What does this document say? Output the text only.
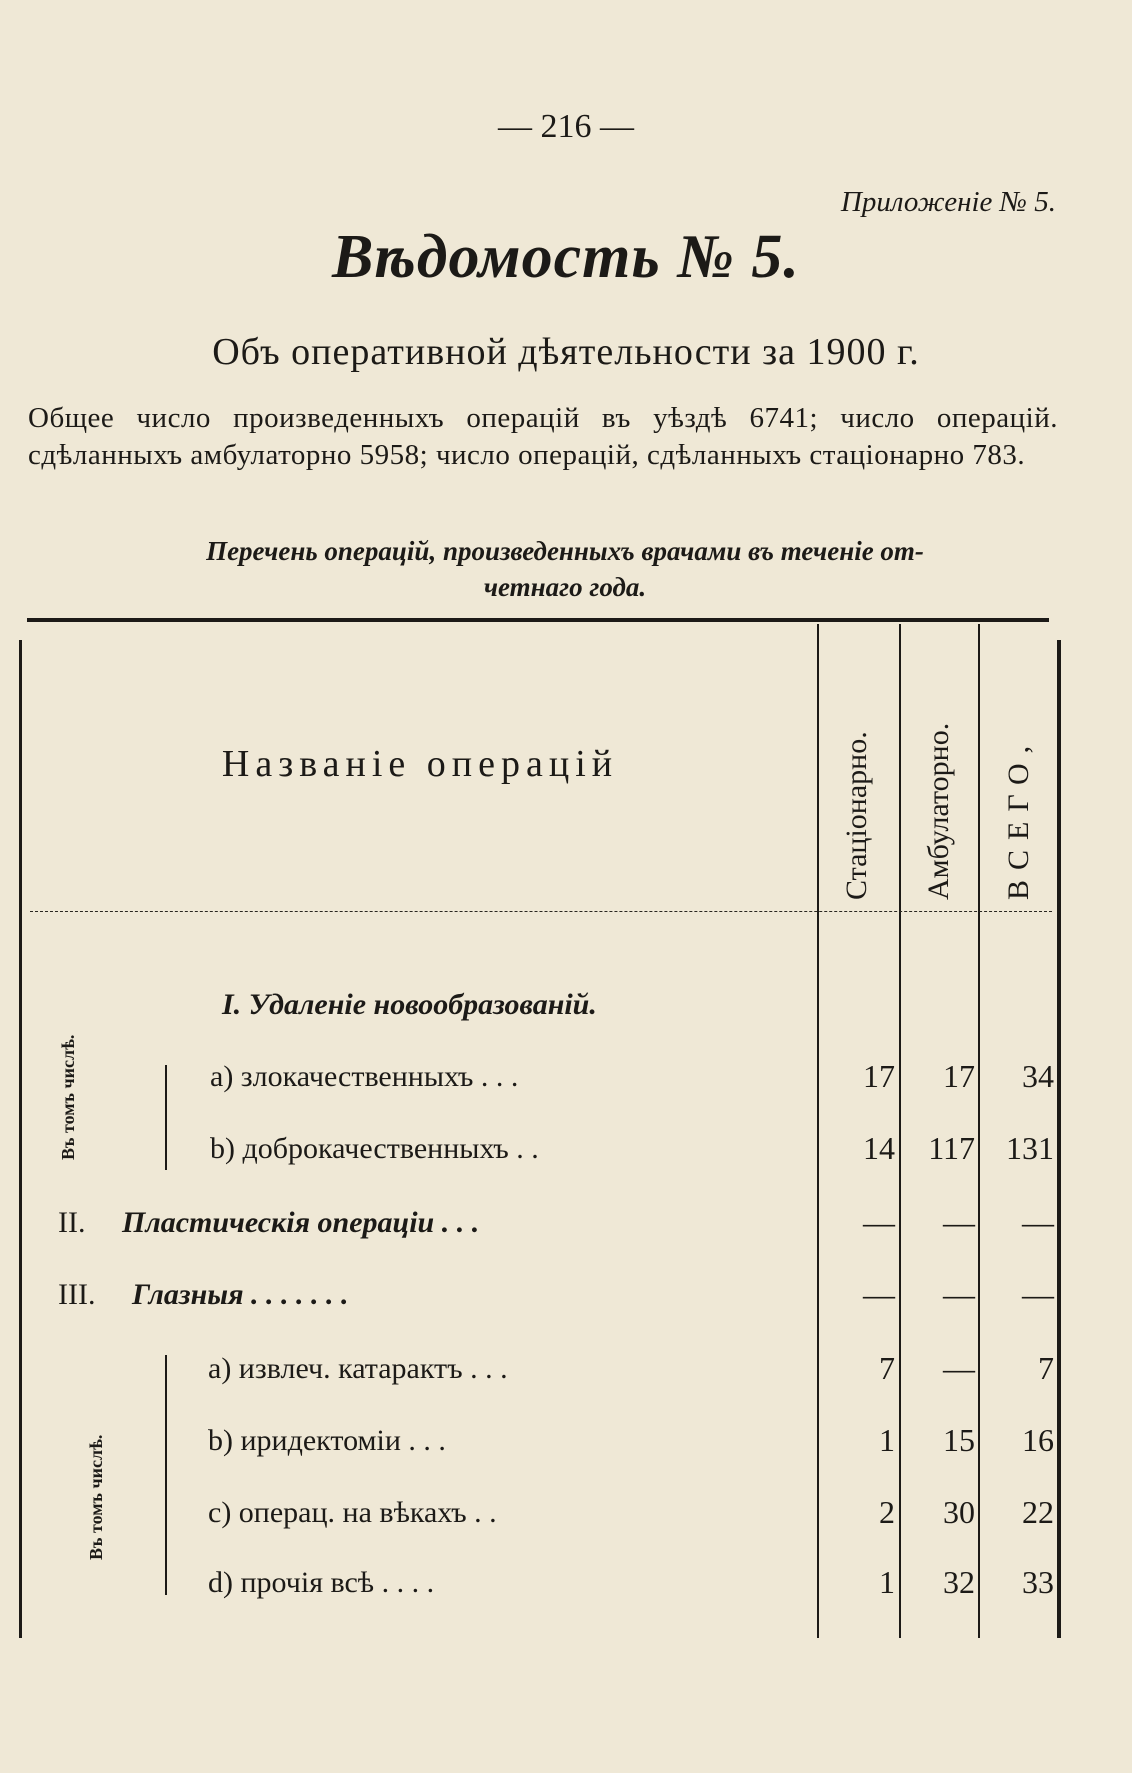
— 216 —
Приложеніе № 5.
Вѣдомость № 5.
Объ оперативной дѣятельности за 1900 г.
Общее число произведенныхъ операцій въ уѣздѣ 6741; число операцій. сдѣланныхъ амбулаторно 5958; число операцій, сдѣланныхъ стаціонарно 783.
Перечень операцій, произведенныхъ врачами въ теченіе от-
четнаго года.
Названіе операцій	Стаціонарно. Амбулаторно. ВСЕГО,
Въ томъ числѣ.
Въ томъ числѣ.
I. Удаленіе новообразованій.
a) злокачественныхъ . . .	17	17	34
b) доброкачественныхъ . .	14	117 131
II. Пластическія операціи . . .	—	—	—
III. Глазныя . . . . . . .	—	—	—
a) извлеч. катарактъ . . .	7	—	7
b) иридектоміи . . .	1	15	16
c) операц. на вѣкахъ . .	2	30	22
d) прочія всѣ . . . .	1	32	33
